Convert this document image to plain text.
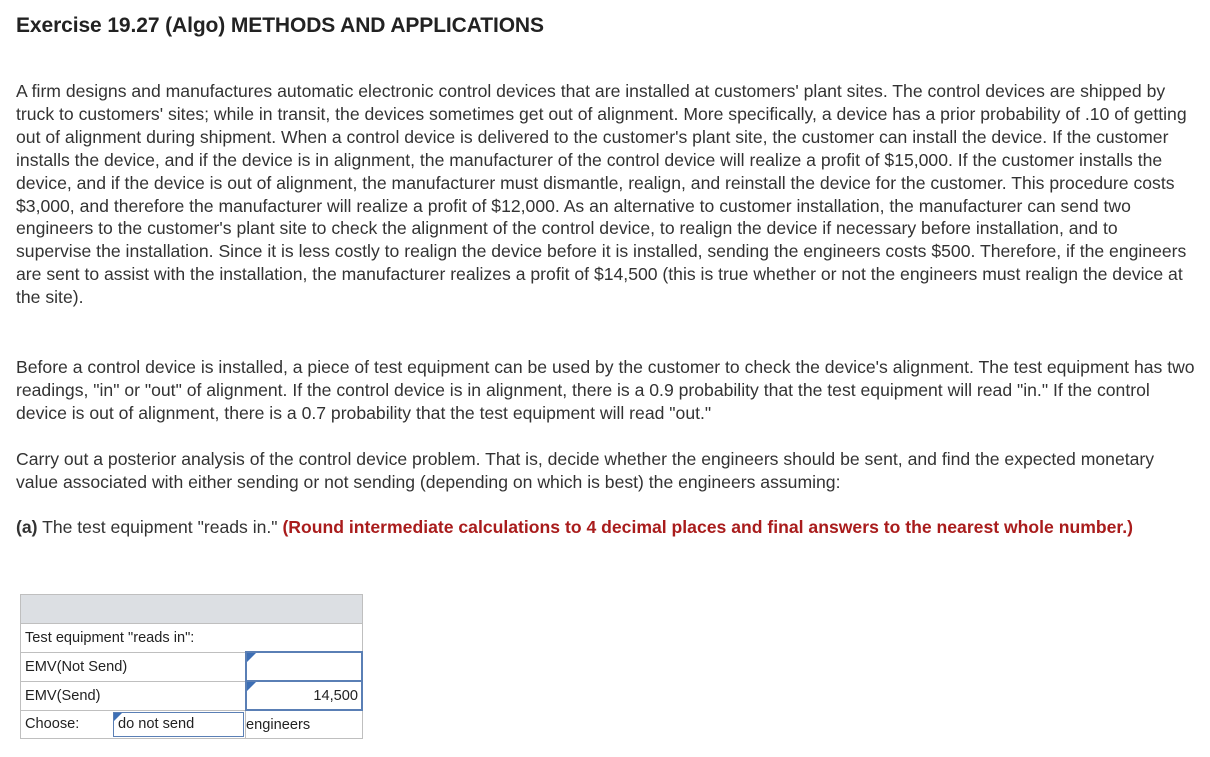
Exercise 19.27 (Algo) METHODS AND APPLICATIONS

A firm designs and manufactures automatic electronic control devices that are installed at customers' plant sites. The control devices are shipped by truck to customers' sites; while in transit, the devices sometimes get out of alignment. More specifically, a device has a prior probability of .10 of getting out of alignment during shipment. When a control device is delivered to the customer's plant site, the customer can install the device. If the customer installs the device, and if the device is in alignment, the manufacturer of the control device will realize a profit of $15,000. If the customer installs the device, and if the device is out of alignment, the manufacturer must dismantle, realign, and reinstall the device for the customer. This procedure costs $3,000, and therefore the manufacturer will realize a profit of $12,000. As an alternative to customer installation, the manufacturer can send two engineers to the customer's plant site to check the alignment of the control device, to realign the device if necessary before installation, and to supervise the installation. Since it is less costly to realign the device before it is installed, sending the engineers costs $500. Therefore, if the engineers are sent to assist with the installation, the manufacturer realizes a profit of $14,500 (this is true whether or not the engineers must realign the device at the site).

Before a control device is installed, a piece of test equipment can be used by the customer to check the device's alignment. The test equipment has two readings, "in" or "out" of alignment. If the control device is in alignment, there is a 0.9 probability that the test equipment will read "in." If the control device is out of alignment, there is a 0.7 probability that the test equipment will read "out."

Carry out a posterior analysis of the control device problem. That is, decide whether the engineers should be sent, and find the expected monetary value associated with either sending or not sending (depending on which is best) the engineers assuming:

(a) The test equipment "reads in." (Round intermediate calculations to 4 decimal places and final answers to the nearest whole number.)

Test equipment "reads in":	
EMV(Not Send)	

EMV(Send)	14,500

Choose: do not send	engineers
